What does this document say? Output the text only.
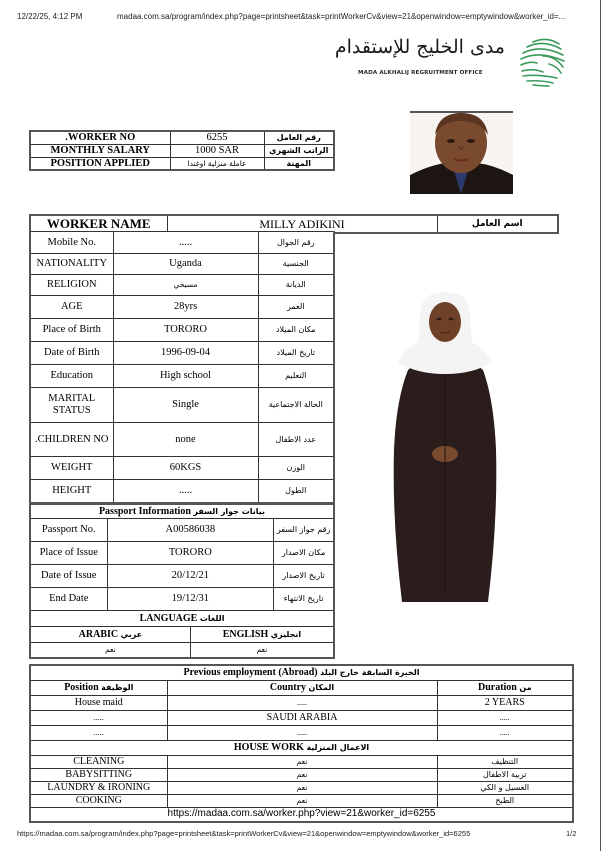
12/22/25, 4:12 PM	madaa.com.sa/program/index.php?page=printsheet&task=printWorkerCv&view=21&openwindow=emptywindow&worker_id=...
مدى الخليج للإستقدام
MADA ALKHALIJ REGRUITMENT OFFICE
.WORKER NO	6255	رقم العامل
MONTHLY SALARY	1000 SAR	الراتب الشهري
POSITION APPLIED	عاملة منزلية اوغندا	المهنة
WORKER NAME	MILLY ADIKINI	اسم العامل
Mobile No.	.....	رقم الجوال
NATIONALITY	Uganda	الجنسية
RELIGION	مسيحي	الديانة
AGE	28yrs	العمر
Place of Birth	TORORO	مكان الميلاد
Date of Birth	1996-09-04	تاريخ الميلاد
Education	High school	التعليم
MARITAL STATUS	Single	الحالة الاجتماعية
.CHILDREN NO	none	عدد الاطفال
WEIGHT	60KGS	الوزن
HEIGHT	.....	الطول
Passport Information بيانات جواز السفر			
Passport No.	A00586038		رقم جواز السفر
Place of Issue	TORORO		مكان الاصدار
Date of Issue	20/12/21		تاريخ الاصدار
End Date	19/12/31		تاريخ الانتهاء
LANGUAGE اللغات			
ARABIC عربي		ENGLISH انجليزي	
نعم		نعم	
Previous employment (Abroad) الخبرة السابقة خارج البلد		
Position الوظيفة	Country المكان	Duration من
House maid	.....	2 YEARS
.....	SAUDI ARABIA	.....
.....	.....	.....
HOUSE WORK الاعمال المنزلية		
CLEANING	نعم	التنظيف
BABYSITTING	نعم	تربية الاطفال
LAUNDRY & IRONING	نعم	الغسيل و الكي
COOKING	نعم	الطبخ
https://madaa.com.sa/worker.php?view=21&worker_id=6255		
https://madaa.com.sa/program/index.php?page=printsheet&task=printWorkerCv&view=21&openwindow=emptywindow&worker_id=6255	1/2
